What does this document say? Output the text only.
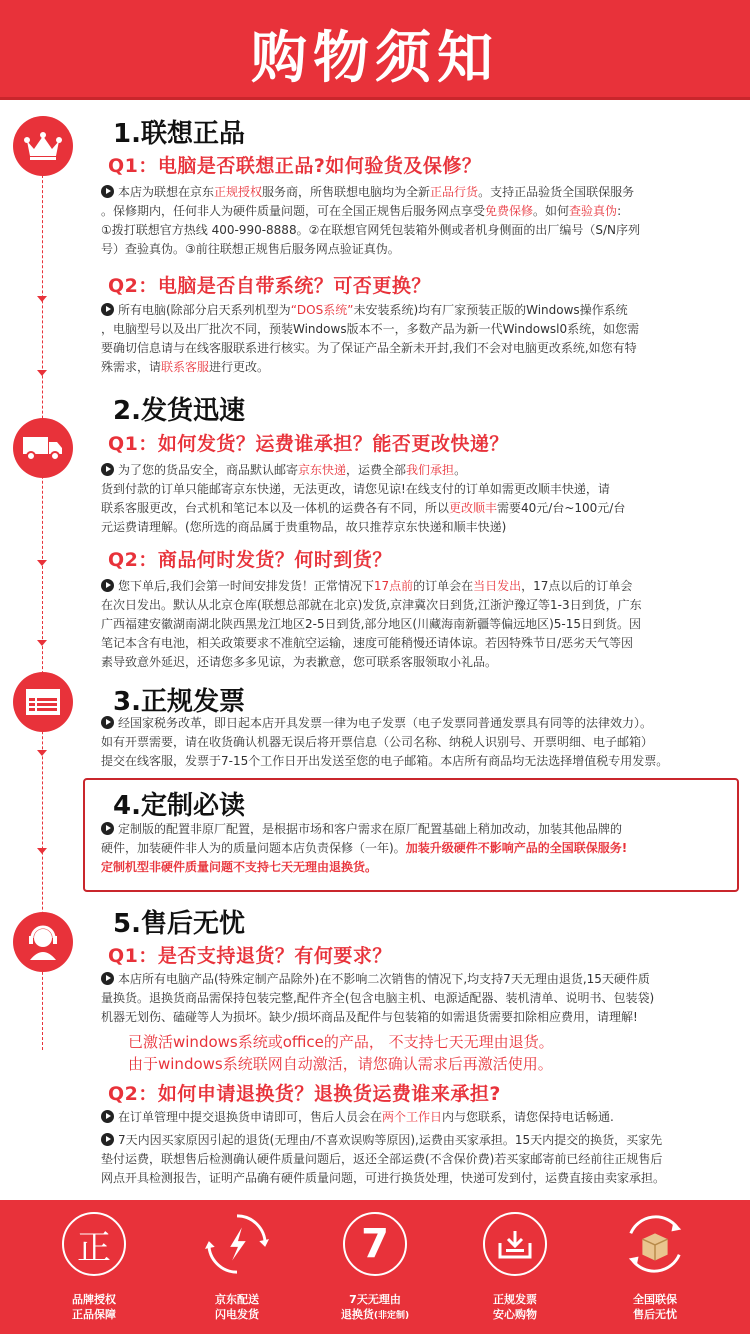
购物须知
1.联想正品
Q1：电脑是否联想正品?如何验货及保修？
本店为联想在京东正规授权服务商，所售联想电脑均为全新正品行货。支持正品验货全国联保服务
。保修期内，任何非人为硬件质量问题，可在全国正规售后服务网点享受免费保修。如何查验真伪:
①拨打联想官方热线 400-990-8888。②在联想官网凭包装箱外侧或者机身侧面的出厂编号（S/N序列
号）查验真伪。③前往联想正规售后服务网点验证真伪。
Q2：电脑是否自带系统？可否更换？
所有电脑(除部分启天系列机型为“DOS系统”未安装系统)均有厂家预装正版的Windows操作系统
，电脑型号以及出厂批次不同，预装Windows版本不一，多数产品为新一代Windowsl0系统，如您需
要确切信息请与在线客服联系进行核实。为了保证产品全新未开封,我们不会对电脑更改系统,如您有特
殊需求，请联系客服进行更改。
2.发货迅速
Q1：如何发货？运费谁承担？能否更改快递？
为了您的货品安全，商品默认邮寄京东快递，运费全部我们承担。
货到付款的订单只能邮寄京东快递，无法更改，请您见谅!在线支付的订单如需更改顺丰快递，请
联系客服更改，台式机和笔记本以及一体机的运费各有不同，所以更改顺丰需要40元/台~100元/台
元运费请理解。(您所选的商品属于贵重物品，故只推荐京东快递和顺丰快递)
Q2：商品何时发货？何时到货？
您下单后,我们会第一时间安排发货！正常情况下17点前的订单会在当日发出，17点以后的订单会
在次日发出。默认从北京仓库(联想总部就在北京)发货,京津冀次日到货,江浙沪豫辽等1-3日到货，广东
广西福建安徽湖南湖北陕西黑龙江地区2-5日到货,部分地区(川藏海南新疆等偏远地区)5-15日到货。因
笔记本含有电池，相关政策要求不准航空运输，速度可能稍慢还请体谅。若因特殊节日/恶劣天气等因
素导致意外延迟，还请您多多见谅，为表歉意，您可联系客服领取小礼品。
3.正规发票
经国家税务改革，即日起本店开具发票一律为电子发票（电子发票同普通发票具有同等的法律效力）。
如有开票需要，请在收货确认机器无误后将开票信息（公司名称、纳税人识别号、开票明细、电子邮箱）
提交在线客服，发票于7-15个工作日开出发送至您的电子邮箱。本店所有商品均无法选择增值税专用发票。
4.定制必读
定制版的配置非原厂配置，是根据市场和客户需求在原厂配置基础上稍加改动，加装其他品牌的
硬件，加装硬件非人为的质量问题本店负责保修（一年)。加装升级硬件不影响产品的全国联保服务!
定制机型非硬件质量问题不支持七天无理由退换货。
5.售后无忧
Q1：是否支持退货？有何要求？
本店所有电脑产品(特殊定制产品除外)在不影响二次销售的情况下,均支持7天无理由退货,15天硬件质
量换货。退换货商品需保持包装完整,配件齐全(包含电脑主机、电源适配器、装机清单、说明书、包装袋)
机器无划伤、磕碰等人为损坏。缺少/损坏商品及配件与包装箱的如需退货需要扣除相应费用，请理解!
已激活windows系统或office的产品， 不支持七天无理由退货。
由于windows系统联网自动激活，请您确认需求后再激活使用。
Q2：如何申请退换货？退换货运费谁来承担?
在订单管理中提交退换货申请即可，售后人员会在两个工作日内与您联系，请您保持电话畅通.
7天内因买家原因引起的退货(无理由/不喜欢误购等原因),运费由买家承担。15天内提交的换货，买家先
垫付运费，联想售后检测确认硬件质量问题后，返还全部运费(不含保价费)若买家邮寄前已经前往正规售后
网点开具检测报告，证明产品确有硬件质量问题，可进行换货处理，快递可发到付，运费直接由卖家承担。
正
品牌授权
正品保障
京东配送
闪电发货
7
7天无理由
退换货(非定制)
正规发票
安心购物
全国联保
售后无忧
